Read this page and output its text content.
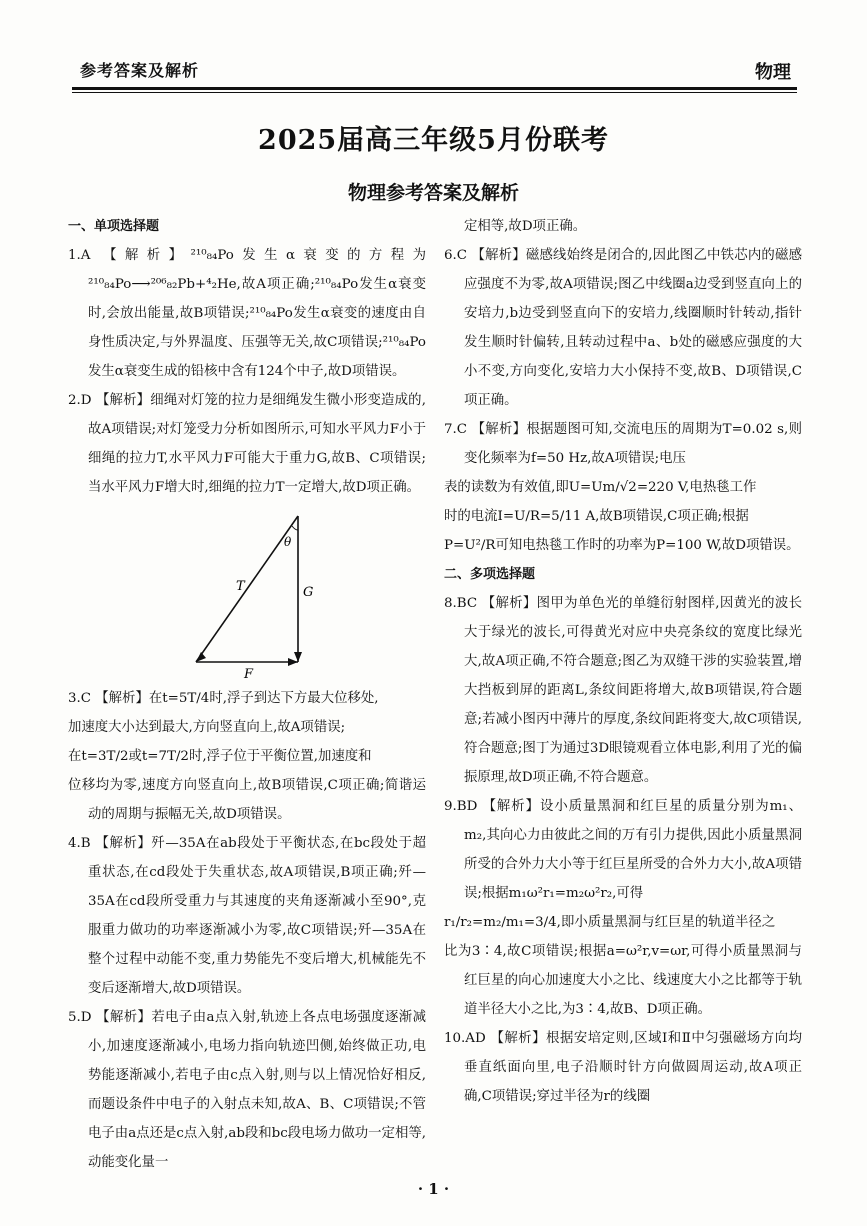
参考答案及解析	物理
2025届高三年级5月份联考
物理参考答案及解析
一、单项选择题
1.A 【解析】²¹⁰₈₄Po发生α衰变的方程为²¹⁰₈₄Po⟶²⁰⁶₈₂Pb+⁴₂He,故A项正确;²¹⁰₈₄Po发生α衰变时,会放出能量,故B项错误;²¹⁰₈₄Po发生α衰变的速度由自身性质决定,与外界温度、压强等无关,故C项错误;²¹⁰₈₄Po发生α衰变生成的铅核中含有124个中子,故D项错误。
2.D 【解析】细绳对灯笼的拉力是细绳发生微小形变造成的,故A项错误;对灯笼受力分析如图所示,可知水平风力F小于细绳的拉力T,水平风力F可能大于重力G,故B、C项错误;当水平风力F增大时,细绳的拉力T一定增大,故D项正确。
θ
T	G
F
3.C 【解析】在t=5T/4时,浮子到达下方最大位移处,
加速度大小达到最大,方向竖直向上,故A项错误;
在t=3T/2或t=7T/2时,浮子位于平衡位置,加速度和
位移均为零,速度方向竖直向上,故B项错误,C项正确;简谐运动的周期与振幅无关,故D项错误。
4.B 【解析】歼—35A在ab段处于平衡状态,在bc段处于超重状态,在cd段处于失重状态,故A项错误,B项正确;歼—35A在cd段所受重力与其速度的夹角逐渐减小至90°,克服重力做功的功率逐渐减小为零,故C项错误;歼—35A在整个过程中动能不变,重力势能先不变后增大,机械能先不变后逐渐增大,故D项错误。
5.D 【解析】若电子由a点入射,轨迹上各点电场强度逐渐减小,加速度逐渐减小,电场力指向轨迹凹侧,始终做正功,电势能逐渐减小,若电子由c点入射,则与以上情况恰好相反,而题设条件中电子的入射点未知,故A、B、C项错误;不管电子由a点还是c点入射,ab段和bc段电场力做功一定相等,动能变化量一
定相等,故D项正确。
6.C 【解析】磁感线始终是闭合的,因此图乙中铁芯内的磁感应强度不为零,故A项错误;图乙中线圈a边受到竖直向上的安培力,b边受到竖直向下的安培力,线圈顺时针转动,指针发生顺时针偏转,且转动过程中a、b处的磁感应强度的大小不变,方向变化,安培力大小保持不变,故B、D项错误,C项正确。
7.C 【解析】根据题图可知,交流电压的周期为T=0.02 s,则变化频率为f=50 Hz,故A项错误;电压
表的读数为有效值,即U=Um/√2=220 V,电热毯工作
时的电流I=U/R=5/11 A,故B项错误,C项正确;根据
P=U²/R可知电热毯工作时的功率为P=100 W,故D项错误。
二、多项选择题
8.BC 【解析】图甲为单色光的单缝衍射图样,因黄光的波长大于绿光的波长,可得黄光对应中央亮条纹的宽度比绿光大,故A项正确,不符合题意;图乙为双缝干涉的实验装置,增大挡板到屏的距离L,条纹间距将增大,故B项错误,符合题意;若减小图丙中薄片的厚度,条纹间距将变大,故C项错误,符合题意;图丁为通过3D眼镜观看立体电影,利用了光的偏振原理,故D项正确,不符合题意。
9.BD 【解析】设小质量黑洞和红巨星的质量分别为m₁、m₂,其向心力由彼此之间的万有引力提供,因此小质量黑洞所受的合外力大小等于红巨星所受的合外力大小,故A项错误;根据m₁ω²r₁=m₂ω²r₂,可得
r₁/r₂=m₂/m₁=3/4,即小质量黑洞与红巨星的轨道半径之
比为3∶4,故C项错误;根据a=ω²r,v=ωr,可得小质量黑洞与红巨星的向心加速度大小之比、线速度大小之比都等于轨道半径大小之比,为3∶4,故B、D项正确。
10.AD 【解析】根据安培定则,区域Ⅰ和Ⅱ中匀强磁场方向均垂直纸面向里,电子沿顺时针方向做圆周运动,故A项正确,C项错误;穿过半径为r的线圈
· 1 ·
